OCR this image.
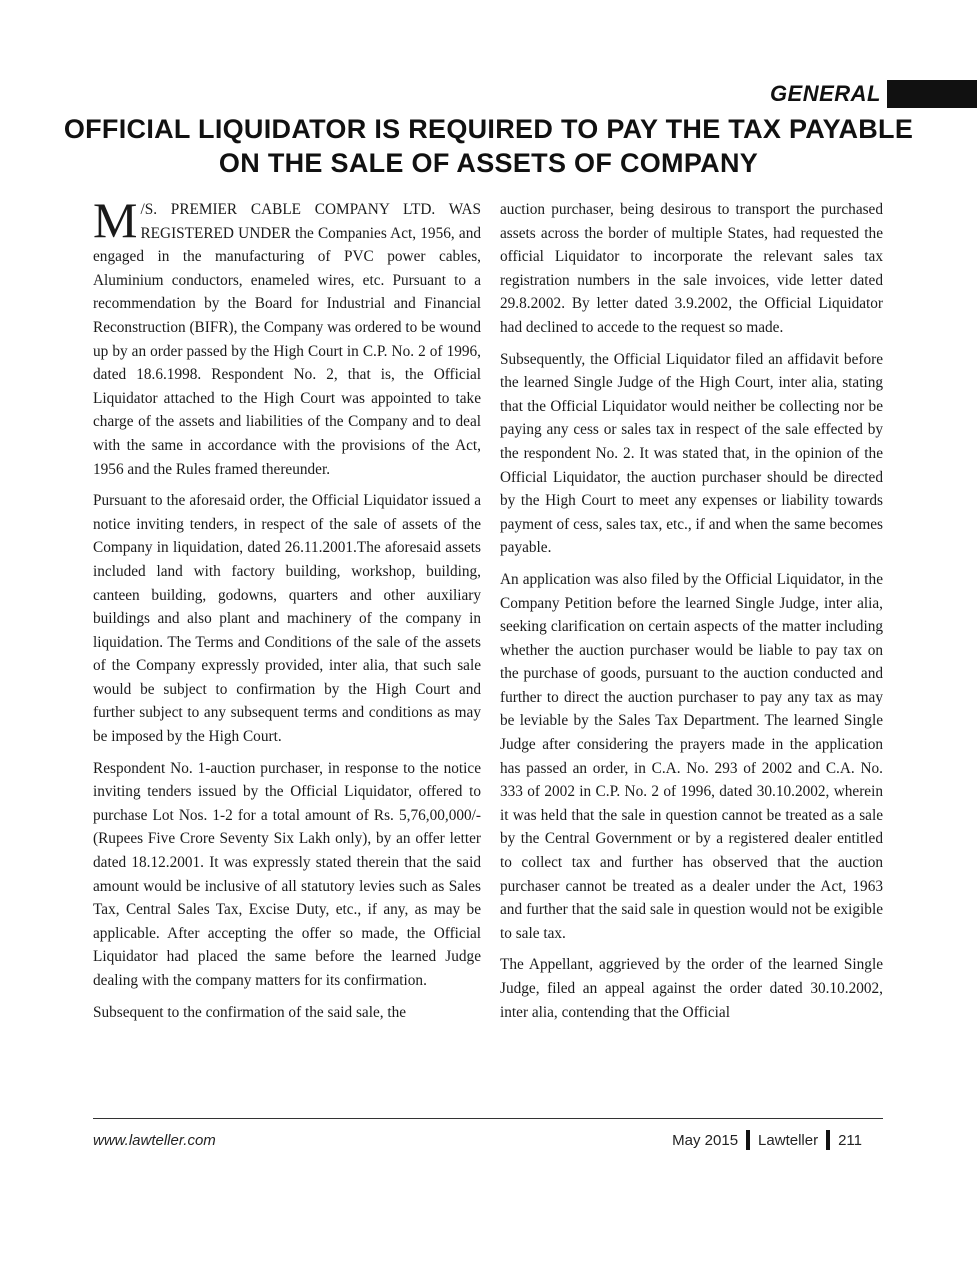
GENERAL
OFFICIAL LIQUIDATOR IS REQUIRED TO PAY THE TAX PAYABLE ON THE SALE OF ASSETS OF COMPANY

M /S. PREMIER CABLE COMPANY LTD. WAS REGISTERED UNDER the Companies Act, 1956, and engaged in the manufacturing of PVC power cables, Aluminium conductors, enameled wires, etc. Pursuant to a recommendation by the Board for Industrial and Financial Reconstruction (BIFR), the Company was ordered to be wound up by an order passed by the High Court in C.P. No. 2 of 1996, dated 18.6.1998. Respondent No. 2, that is, the Official Liquidator attached to the High Court was appointed to take charge of the assets and liabilities of the Company and to deal with the same in accordance with the provisions of the Act, 1956 and the Rules framed thereunder.

Pursuant to the aforesaid order, the Official Liquidator issued a notice inviting tenders, in respect of the sale of assets of the Company in liquidation, dated 26.11.2001.The aforesaid assets included land with factory building, workshop, building, canteen building, godowns, quarters and other auxiliary buildings and also plant and machinery of the company in liquidation. The Terms and Conditions of the sale of the assets of the Company expressly provided, inter alia, that such sale would be subject to confirmation by the High Court and further subject to any subsequent terms and conditions as may be imposed by the High Court.

Respondent No. 1-auction purchaser, in response to the notice inviting tenders issued by the Official Liquidator, offered to purchase Lot Nos. 1-2 for a total amount of Rs. 5,76,00,000/- (Rupees Five Crore Seventy Six Lakh only), by an offer letter dated 18.12.2001. It was expressly stated therein that the said amount would be inclusive of all statutory levies such as Sales Tax, Central Sales Tax, Excise Duty, etc., if any, as may be applicable. After accepting the offer so made, the Official Liquidator had placed the same before the learned Judge dealing with the company matters for its confirmation.

Subsequent to the confirmation of the said sale, the

auction purchaser, being desirous to transport the purchased assets across the border of multiple States, had requested the official Liquidator to incorporate the relevant sales tax registration numbers in the sale invoices, vide letter dated 29.8.2002. By letter dated 3.9.2002, the Official Liquidator had declined to accede to the request so made.

Subsequently, the Official Liquidator filed an affidavit before the learned Single Judge of the High Court, inter alia, stating that the Official Liquidator would neither be collecting nor be paying any cess or sales tax in respect of the sale effected by the respondent No. 2. It was stated that, in the opinion of the Official Liquidator, the auction purchaser should be directed by the High Court to meet any expenses or liability towards payment of cess, sales tax, etc., if and when the same becomes payable.

An application was also filed by the Official Liquidator, in the Company Petition before the learned Single Judge, inter alia, seeking clarification on certain aspects of the matter including whether the auction purchaser would be liable to pay tax on the purchase of goods, pursuant to the auction conducted and further to direct the auction purchaser to pay any tax as may be leviable by the Sales Tax Department. The learned Single Judge after considering the prayers made in the application has passed an order, in C.A. No. 293 of 2002 and C.A. No. 333 of 2002 in C.P. No. 2 of 1996, dated 30.10.2002, wherein it was held that the sale in question cannot be treated as a sale by the Central Government or by a registered dealer entitled to collect tax and further has observed that the auction purchaser cannot be treated as a dealer under the Act, 1963 and further that the said sale in question would not be exigible to sale tax.

The Appellant, aggrieved by the order of the learned Single Judge, filed an appeal against the order dated 30.10.2002, inter alia, contending that the Official

www.lawteller.com	May 2015 Lawteller 211
